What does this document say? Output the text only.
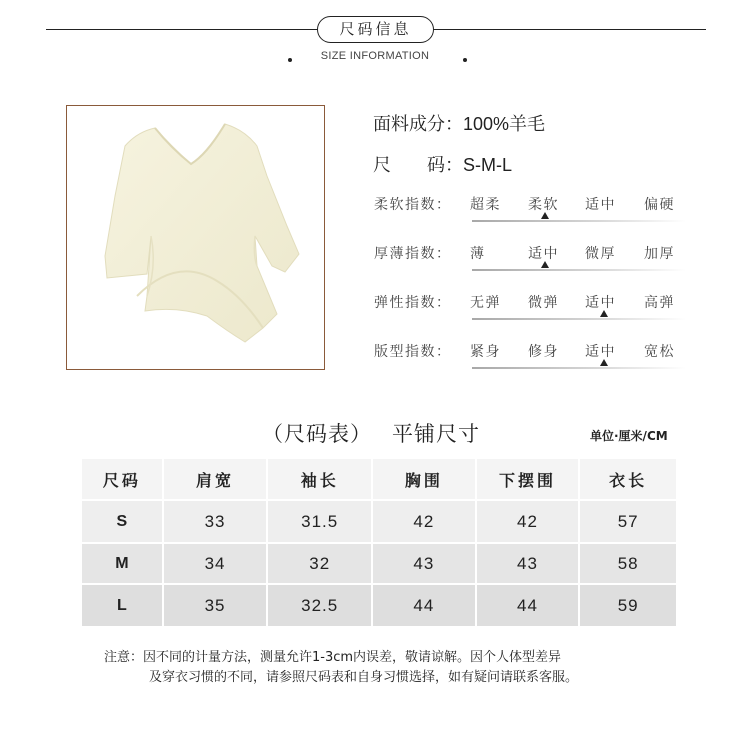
尺码信息
SIZE INFORMATION
面料成分：100%羊毛
尺　　码：S-M-L
柔软指数： 超柔 柔软 适中 偏硬
厚薄指数： 薄	适中 微厚 加厚
弹性指数： 无弹 微弹 适中 高弹
版型指数： 紧身 修身 适中 宽松
（尺码表） 平铺尺寸	单位·厘米/CM
尺码	肩宽	袖长	胸围	下摆围	衣长
S	33	31.5	42	42	57
M	34	32	43	43	58
L	35	32.5	44	44	59
注意：因不同的计量方法，测量允许1-3cm内误差，敬请谅解。因个人体型差异
及穿衣习惯的不同，请参照尺码表和自身习惯选择，如有疑问请联系客服。
